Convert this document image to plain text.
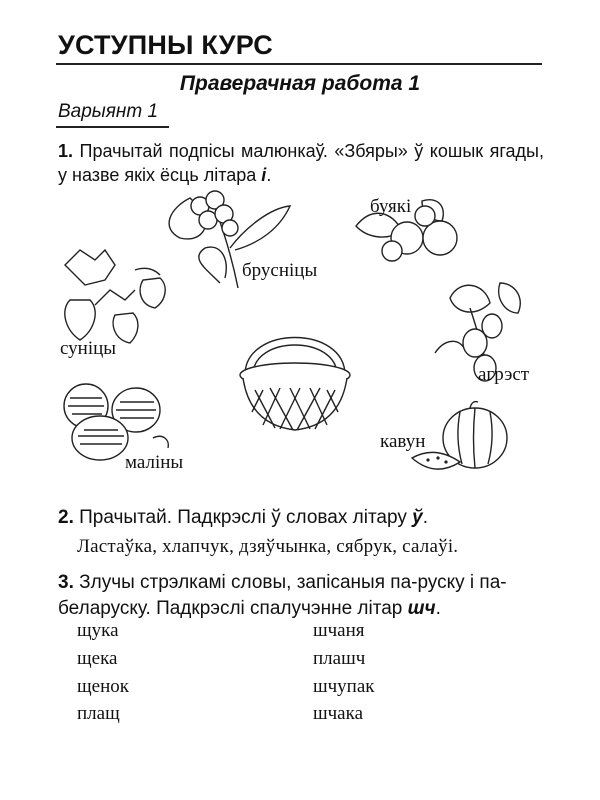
УСТУПНЫ КУРС
Праверачная работа 1
Варыянт 1
1. Прачытай подпісы малюнкаў. «Збяры» ў кошык ягады, у назве якіх ёсць літара і.
брусніцы
буякі
суніцы
агрэст
маліны
кавун
2. Прачытай. Падкрэслі ў словах літару ў.
Ластаўка, хлапчук, дзяўчынка, сябрук, салаўі.
3. Злучы стрэлкамі словы, запісаныя па-руску і па-беларуску. Падкрэслі спалучэнне літар шч.
щука
щека
щенок
плащ
шчаня
плашч
шчупак
шчака
